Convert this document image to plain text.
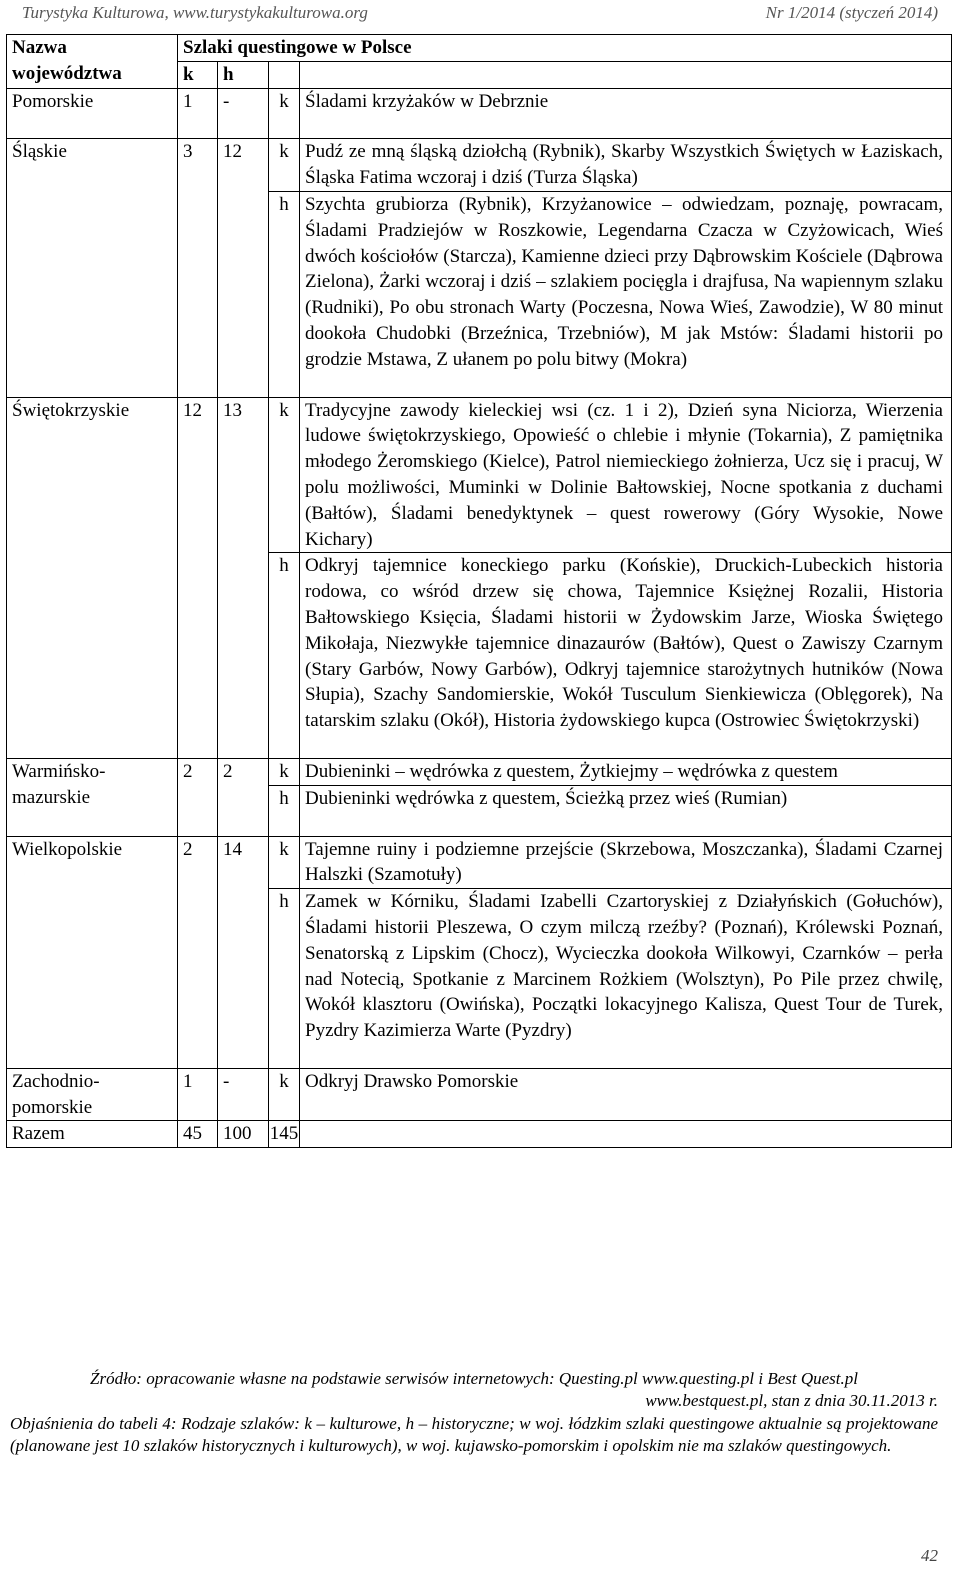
Turystyka Kulturowa, www.turystykakulturowa.org	Nr 1/2014 (styczeń 2014)
Nazwa
województwa	Szlaki questingowe w Polsce			
	k	h		
Pomorskie	1	-	k	Śladami krzyżaków w Debrznie
Śląskie	3	12	k	Pudź ze mną śląską dziołchą (Rybnik), Skarby Wszystkich Świętych w Łaziskach, Śląska Fatima wczoraj i dziś (Turza Śląska)
			h	Szychta grubiorza (Rybnik), Krzyżanowice – odwiedzam, poznaję, powracam, Śladami Pradziejów w Roszkowie, Legendarna Czacza w Czyżowicach, Wieś dwóch kościołów (Starcza), Kamienne dzieci przy Dąbrowskim Kościele (Dąbrowa Zielona), Żarki wczoraj i dziś – szlakiem pocięgla i drajfusa, Na wapiennym szlaku (Rudniki), Po obu stronach Warty (Poczesna, Nowa Wieś, Zawodzie), W 80 minut dookoła Chudobki (Brzeźnica, Trzebniów), M jak Mstów: Śladami historii po grodzie Mstawa, Z ułanem po polu bitwy (Mokra)
Świętokrzyskie	12	13	k	Tradycyjne zawody kieleckiej wsi (cz. 1 i 2), Dzień syna Niciorza, Wierzenia ludowe świętokrzyskiego, Opowieść o chlebie i młynie (Tokarnia), Z pamiętnika młodego Żeromskiego (Kielce), Patrol niemieckiego żołnierza, Ucz się i pracuj, W polu możliwości, Muminki w Dolinie Bałtowskiej, Nocne spotkania z duchami (Bałtów), Śladami benedyktynek – quest rowerowy (Góry Wysokie, Nowe Kichary)
			h	Odkryj tajemnice koneckiego parku (Końskie), Druckich-Lubeckich historia rodowa, co wśród drzew się chowa, Tajemnice Księżnej Rozalii, Historia Bałtowskiego Księcia, Śladami historii w Żydowskim Jarze, Wioska Świętego Mikołaja, Niezwykłe tajemnice dinazaurów (Bałtów), Quest o Zawiszy Czarnym (Stary Garbów, Nowy Garbów), Odkryj tajemnice starożytnych hutników (Nowa Słupia), Szachy Sandomierskie, Wokół Tusculum Sienkiewicza (Oblęgorek), Na tatarskim szlaku (Okół), Historia żydowskiego kupca (Ostrowiec Świętokrzyski)
Warmińsko-mazurskie	2	2	k	Dubieninki – wędrówka z questem, Żytkiejmy – wędrówka z questem
			h	Dubieninki wędrówka z questem, Ścieżką przez wieś (Rumian)
Wielkopolskie	2	14	k	Tajemne ruiny i podziemne przejście (Skrzebowa, Moszczanka), Śladami Czarnej Halszki (Szamotuły)
			h	Zamek w Kórniku, Śladami Izabelli Czartoryskiej z Działyńskich (Gołuchów), Śladami historii Pleszewa, O czym milczą rzeźby? (Poznań), Królewski Poznań, Senatorską z Lipskim (Chocz), Wycieczka dookoła Wilkowyi, Czarnków – perła nad Notecią, Spotkanie z Marcinem Rożkiem (Wolsztyn), Po Pile przez chwilę, Wokół klasztoru (Owińska), Początki lokacyjnego Kalisza, Quest Tour de Turek, Pyzdry Kazimierza Warte (Pyzdry)
Zachodnio-pomorskie	1	-	k	Odkryj Drawsko Pomorskie
Razem	45	100	145	
Źródło: opracowanie własne na podstawie serwisów internetowych: Questing.pl www.questing.pl i Best Quest.pl
www.bestquest.pl, stan z dnia 30.11.2013 r.
Objaśnienia do tabeli 4: Rodzaje szlaków: k – kulturowe, h – historyczne; w woj. łódzkim szlaki questingowe aktualnie są projektowane (planowane jest 10 szlaków historycznych i kulturowych), w woj. kujawsko-pomorskim i opolskim nie ma szlaków questingowych.
42
